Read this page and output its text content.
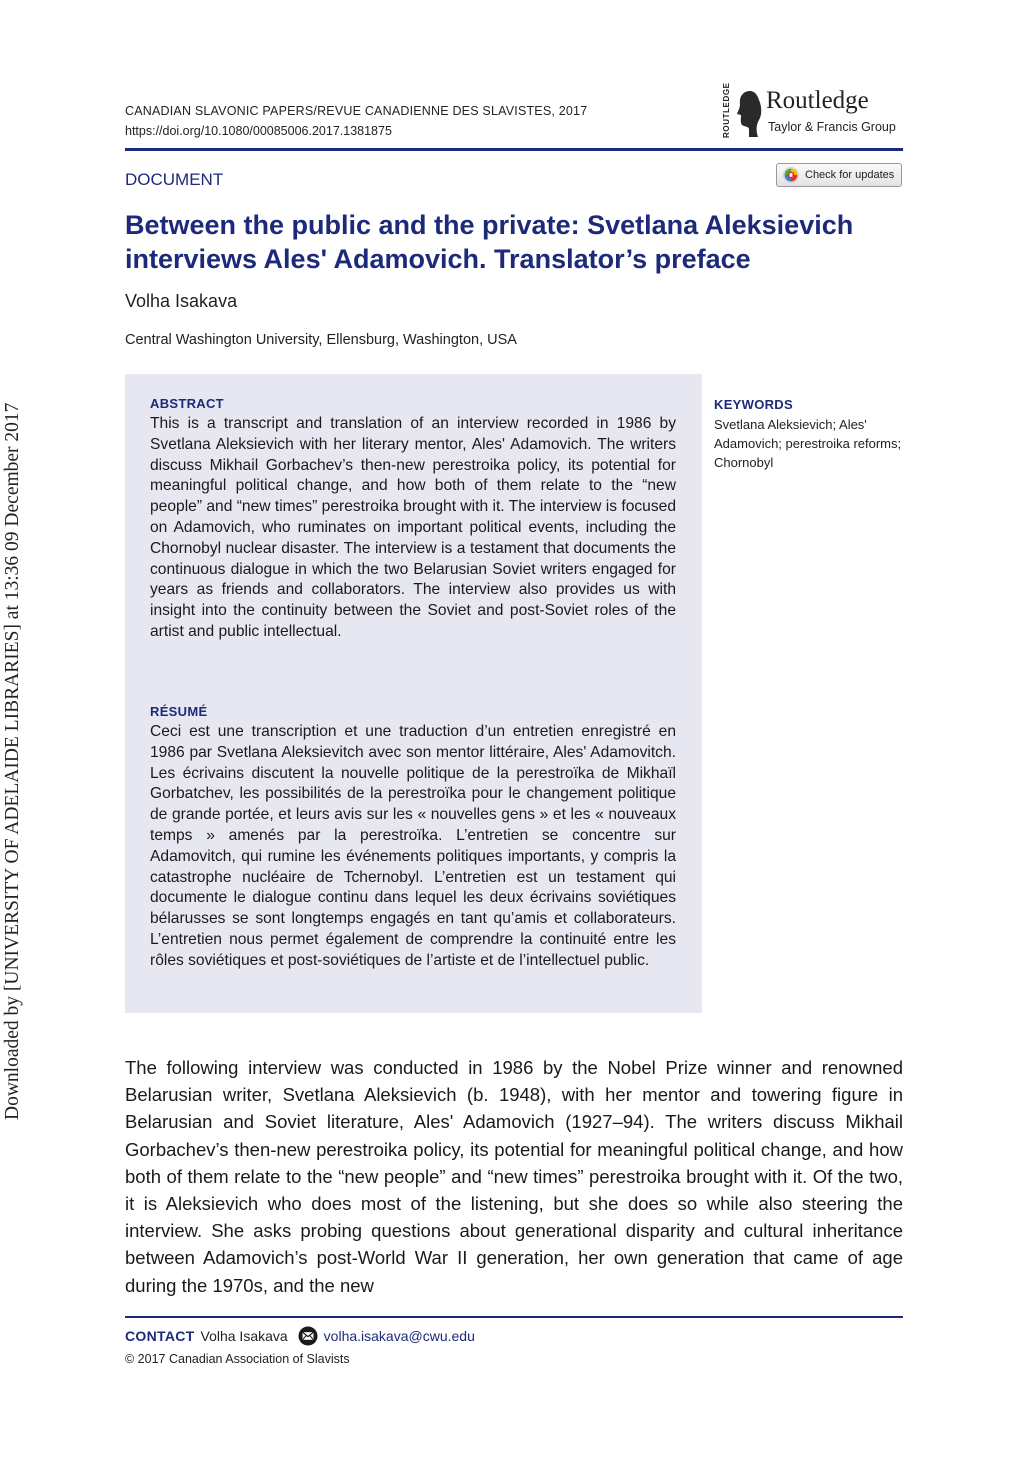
CANADIAN SLAVONIC PAPERS/REVUE CANADIENNE DES SLAVISTES, 2017
https://doi.org/10.1080/00085006.2017.1381875	ROUTLEDGE Routledge
Taylor & Francis Group
DOCUMENT	Check for updates
Between the public and the private: Svetlana Aleksievich interviews Ales' Adamovich. Translator’s preface
Volha Isakava
Central Washington University, Ellensburg, Washington, USA
ABSTRACT

This is a transcript and translation of an interview recorded in 1986 by Svetlana Aleksievich with her literary mentor, Ales' Adamovich. The writers discuss Mikhail Gorbachev’s then-new perestroika policy, its potential for meaningful political change, and how both of them relate to the “new people” and “new times” perestroika brought with it. The interview is focused on Adamovich, who ruminates on important political events, including the Chornobyl nuclear disaster. The interview is a testament that documents the continuous dialogue in which the two Belarusian Soviet writers engaged for years as friends and collaborators. The interview also provides us with insight into the continuity between the Soviet and post-Soviet roles of the artist and public intellectual.

RÉSUMÉ

Ceci est une transcription et une traduction d’un entretien enregistré en 1986 par Svetlana Aleksievitch avec son mentor littéraire, Ales' Adamovitch. Les écrivains discutent la nouvelle politique de la perestroïka de Mikhaïl Gorbatchev, les possibilités de la perestroïka pour le changement politique de grande portée, et leurs avis sur les « nouvelles gens » et les « nouveaux temps » amenés par la perestroïka. L’entretien se concentre sur Adamovitch, qui rumine les événements politiques importants, y compris la catastrophe nucléaire de Tchernobyl. L’entretien est un testament qui documente le dialogue continu dans lequel les deux écrivains soviétiques bélarusses se sont longtemps engagés en tant qu’amis et collaborateurs. L’entretien nous permet également de comprendre la continuité entre les rôles soviétiques et post-soviétiques de l’artiste et de l’intellectuel public.

KEYWORDS
Svetlana Aleksievich; Ales' Adamovich; perestroika reforms; Chornobyl

The following interview was conducted in 1986 by the Nobel Prize winner and renowned Belarusian writer, Svetlana Aleksievich (b. 1948), with her mentor and towering figure in Belarusian and Soviet literature, Ales' Adamovich (1927–94). The writers discuss Mikhail Gorbachev’s then-new perestroika policy, its potential for meaningful political change, and how both of them relate to the “new people” and “new times” perestroika brought with it. Of the two, it is Aleksievich who does most of the listening, but she does so while also steering the interview. She asks probing questions about generational disparity and cultural inheritance between Adamovich’s post-World War II generation, her own generation that came of age during the 1970s, and the new

CONTACT Volha Isakava	volha.isakava@cwu.edu
© 2017 Canadian Association of Slavists
Downloaded by [UNIVERSITY OF ADELAIDE LIBRARIES] at 13:36 09 December 2017
